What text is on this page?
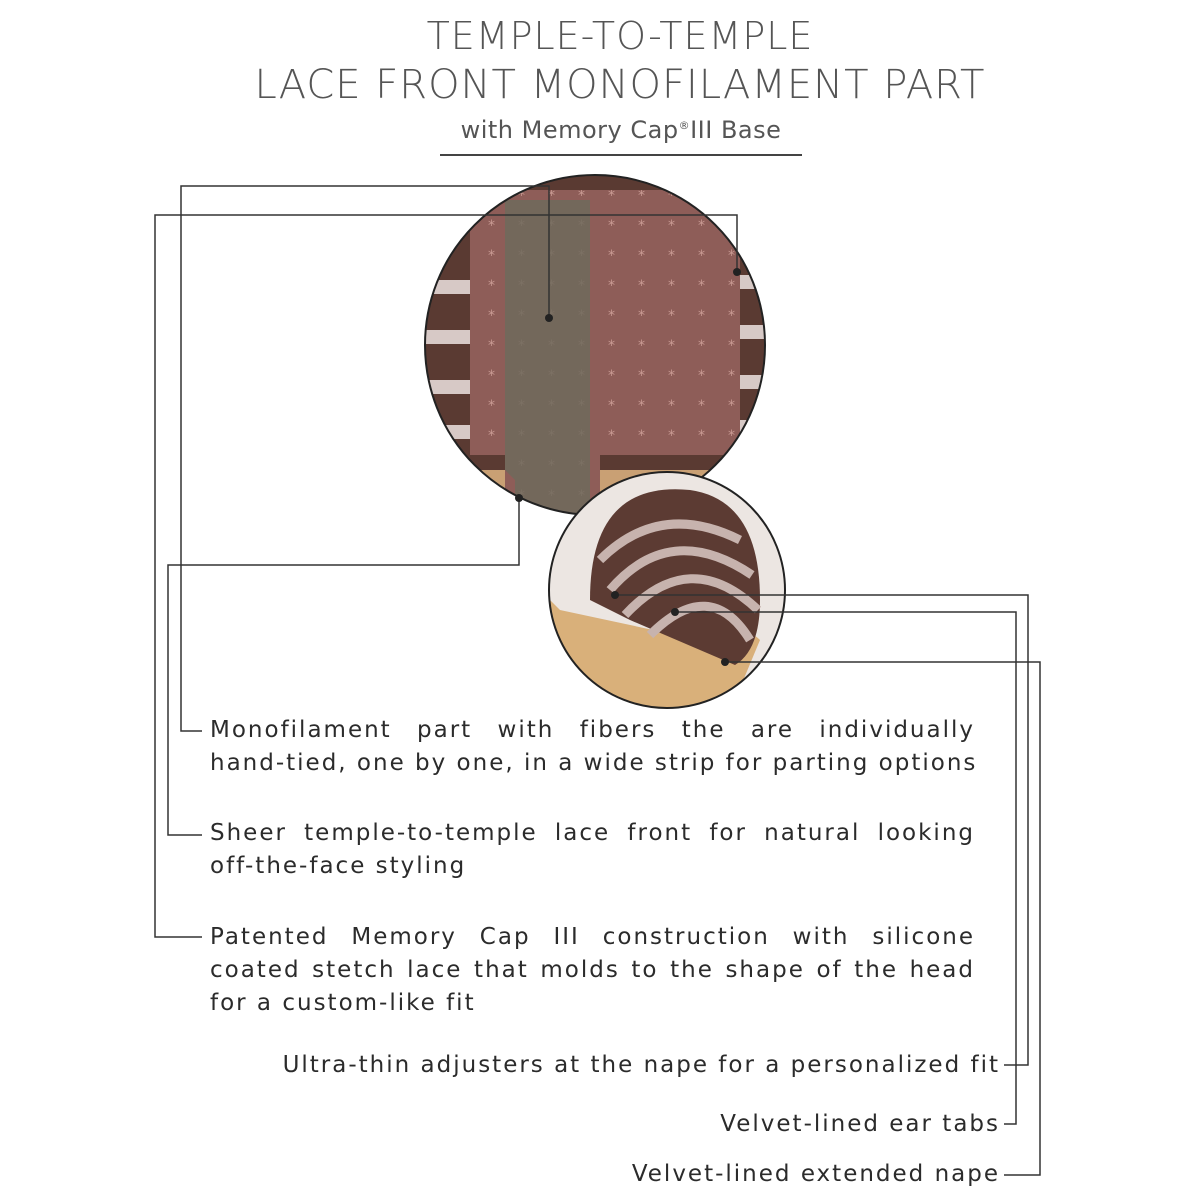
TEMPLE-TO-TEMPLE
LACE FRONT MONOFILAMENT PART
with Memory Cap®III Base
Monofilament part with fibers the are individually
hand-tied, one by one, in a wide strip for parting options
Sheer temple-to-temple lace front for natural looking
off-the-face styling
Patented Memory Cap III construction with silicone
coated stetch lace that molds to the shape of the head
for a custom-like fit
Ultra-thin adjusters at the nape for a personalized fit
Velvet-lined ear tabs
Velvet-lined extended nape
